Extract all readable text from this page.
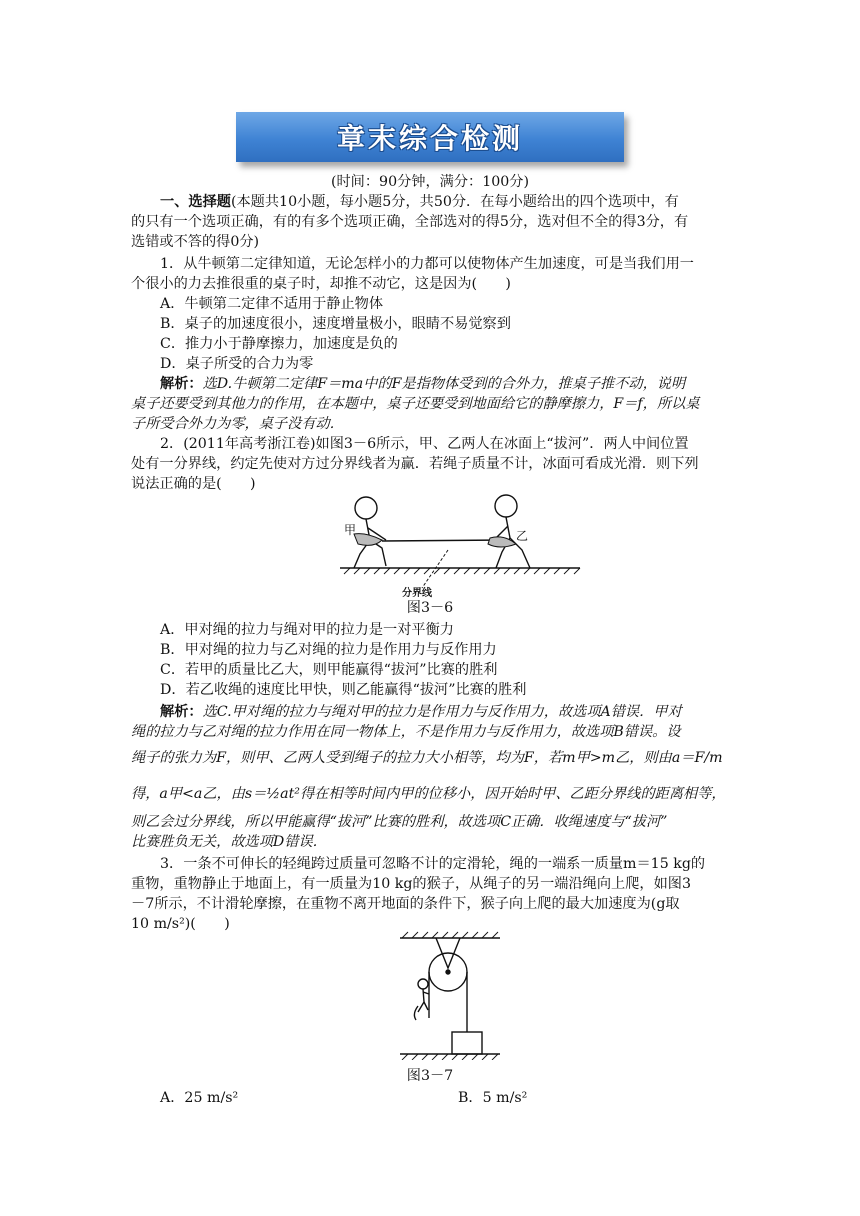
章末综合检测
(时间：90分钟，满分：100分)
一、选择题(本题共10小题，每小题5分，共50分．在每小题给出的四个选项中，有
的只有一个选项正确，有的有多个选项正确，全部选对的得5分，选对但不全的得3分，有
选错或不答的得0分)
1．从牛顿第二定律知道，无论怎样小的力都可以使物体产生加速度，可是当我们用一
个很小的力去推很重的桌子时，却推不动它，这是因为(　　)
A．牛顿第二定律不适用于静止物体
B．桌子的加速度很小，速度增量极小，眼睛不易觉察到
C．推力小于静摩擦力，加速度是负的
D．桌子所受的合力为零
解析：选D.牛顿第二定律F＝ma中的F是指物体受到的合外力，推桌子推不动，说明
桌子还要受到其他力的作用，在本题中，桌子还要受到地面给它的静摩擦力，F＝f，所以桌
子所受合外力为零，桌子没有动．
2．(2011年高考浙江卷)如图3－6所示，甲、乙两人在冰面上“拔河”．两人中间位置
处有一分界线，约定先使对方过分界线者为赢．若绳子质量不计，冰面可看成光滑．则下列
说法正确的是(　　)
甲	乙
分界线
图3－6
A．甲对绳的拉力与绳对甲的拉力是一对平衡力
B．甲对绳的拉力与乙对绳的拉力是作用力与反作用力
C．若甲的质量比乙大，则甲能赢得“拔河”比赛的胜利
D．若乙收绳的速度比甲快，则乙能赢得“拔河”比赛的胜利
解析：选C.甲对绳的拉力与绳对甲的拉力是作用力与反作用力，故选项A错误．甲对
绳的拉力与乙对绳的拉力作用在同一物体上，不是作用力与反作用力，故选项B错误。设
绳子的张力为F，则甲、乙两人受到绳子的拉力大小相等，均为F，若m甲>m乙，则由a＝F/m
得，a甲<a乙，由s＝½at²得在相等时间内甲的位移小，因开始时甲、乙距分界线的距离相等，
则乙会过分界线，所以甲能赢得“拔河”比赛的胜利，故选项C正确．收绳速度与“拔河”
比赛胜负无关，故选项D错误．
3．一条不可伸长的轻绳跨过质量可忽略不计的定滑轮，绳的一端系一质量m＝15 kg的
重物，重物静止于地面上，有一质量为10 kg的猴子，从绳子的另一端沿绳向上爬，如图3
－7所示，不计滑轮摩擦，在重物不离开地面的条件下，猴子向上爬的最大加速度为(g取
10 m/s²)(　　)
图3－7
A．25 m/s²	B．5 m/s²
